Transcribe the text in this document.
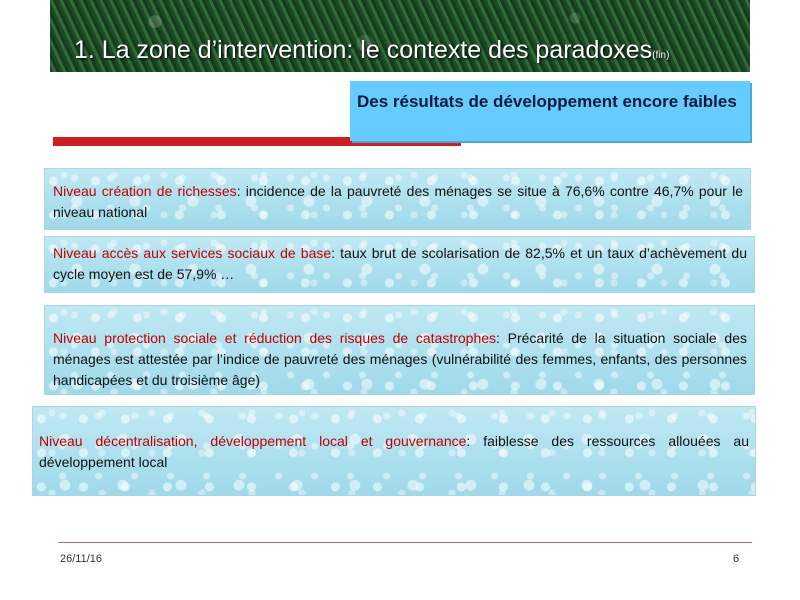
1. La zone d’intervention: le contexte des paradoxes(fin)
Des résultats de développement encore faibles
Niveau création de richesses: incidence de la pauvreté des ménages se situe à 76,6% contre 46,7% pour le niveau national
Niveau accès aux services sociaux de base: taux brut de scolarisation de 82,5% et un taux d’achèvement du cycle moyen est de 57,9% …
Niveau protection sociale et réduction des risques de catastrophes: Précarité de la situation sociale des ménages est attestée par l’indice de pauvreté des ménages (vulnérabilité des femmes, enfants, des personnes handicapées et du troisième âge)
Niveau décentralisation, développement local et gouvernance: faiblesse des ressources allouées au développement local
26/11/16	6
